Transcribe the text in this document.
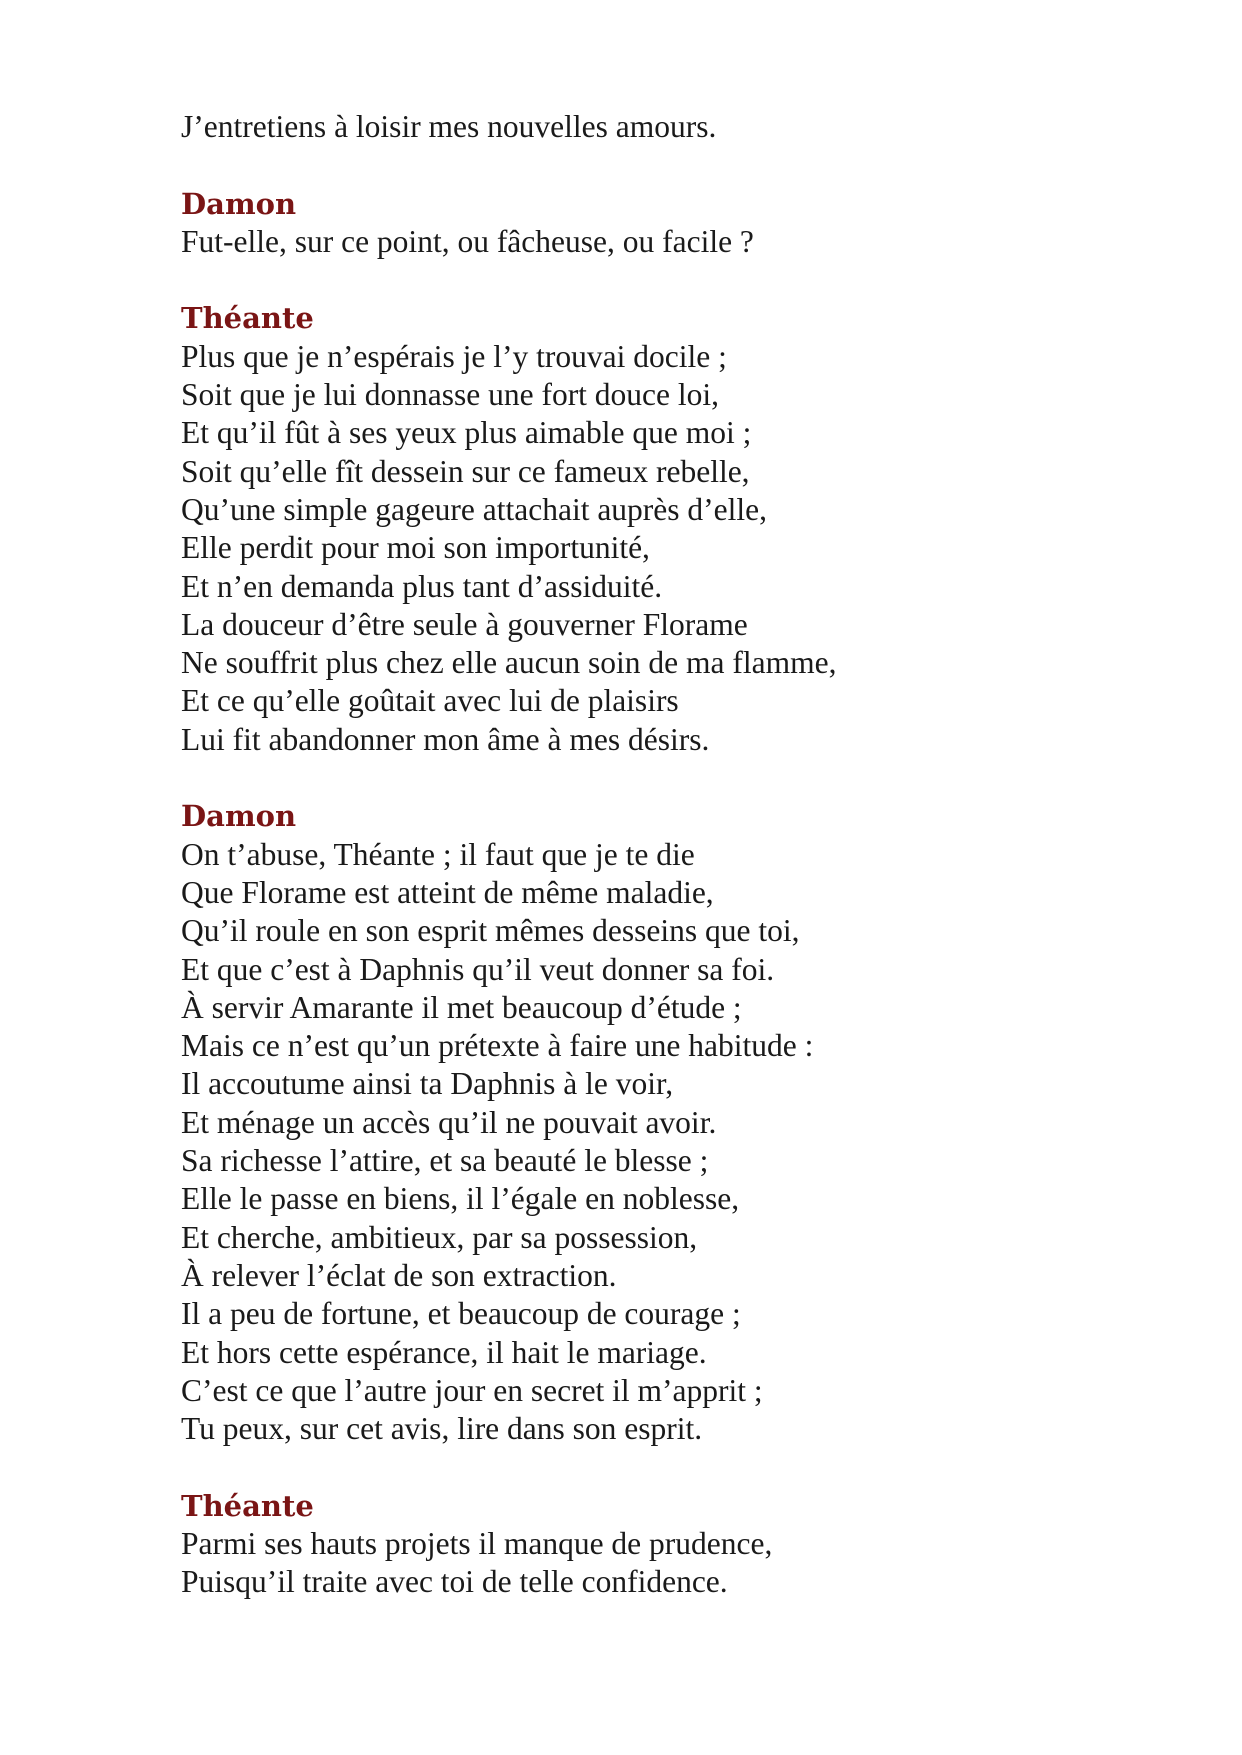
J’entretiens à loisir mes nouvelles amours.
Damon
Fut-elle, sur ce point, ou fâcheuse, ou facile ?
Théante
Plus que je n’espérais je l’y trouvai docile ;
Soit que je lui donnasse une fort douce loi,
Et qu’il fût à ses yeux plus aimable que moi ;
Soit qu’elle fît dessein sur ce fameux rebelle,
Qu’une simple gageure attachait auprès d’elle,
Elle perdit pour moi son importunité,
Et n’en demanda plus tant d’assiduité.
La douceur d’être seule à gouverner Florame
Ne souffrit plus chez elle aucun soin de ma flamme,
Et ce qu’elle goûtait avec lui de plaisirs
Lui fit abandonner mon âme à mes désirs.
Damon
On t’abuse, Théante ; il faut que je te die
Que Florame est atteint de même maladie,
Qu’il roule en son esprit mêmes desseins que toi,
Et que c’est à Daphnis qu’il veut donner sa foi.
À servir Amarante il met beaucoup d’étude ;
Mais ce n’est qu’un prétexte à faire une habitude :
Il accoutume ainsi ta Daphnis à le voir,
Et ménage un accès qu’il ne pouvait avoir.
Sa richesse l’attire, et sa beauté le blesse ;
Elle le passe en biens, il l’égale en noblesse,
Et cherche, ambitieux, par sa possession,
À relever l’éclat de son extraction.
Il a peu de fortune, et beaucoup de courage ;
Et hors cette espérance, il hait le mariage.
C’est ce que l’autre jour en secret il m’apprit ;
Tu peux, sur cet avis, lire dans son esprit.
Théante
Parmi ses hauts projets il manque de prudence,
Puisqu’il traite avec toi de telle confidence.
